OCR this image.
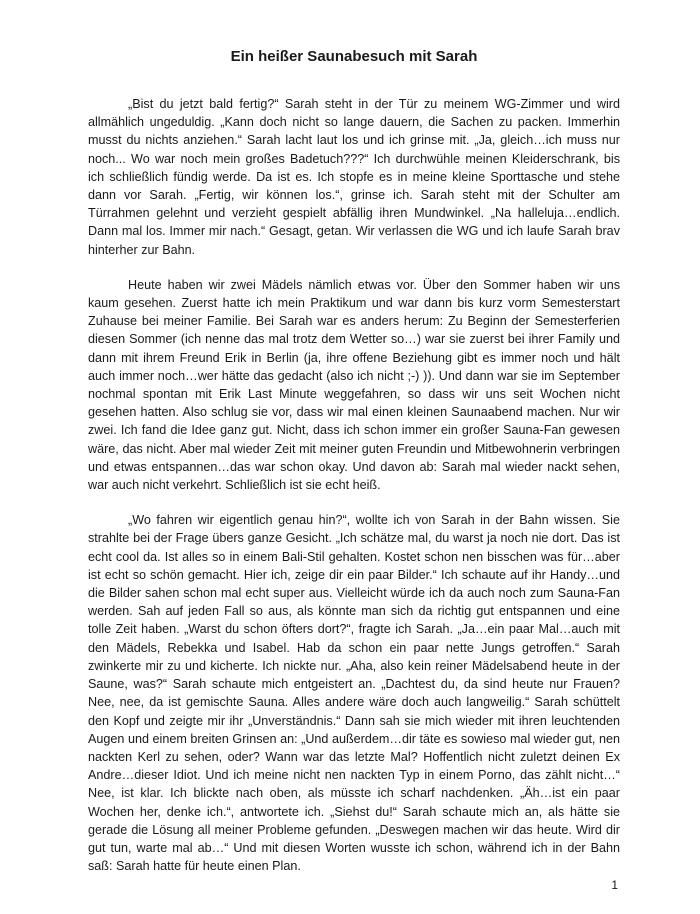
Ein heißer Saunabesuch mit Sarah

„Bist du jetzt bald fertig?“ Sarah steht in der Tür zu meinem WG-Zimmer und wird allmählich ungeduldig. „Kann doch nicht so lange dauern, die Sachen zu packen. Immerhin musst du nichts anziehen.“ Sarah lacht laut los und ich grinse mit. „Ja, gleich…ich muss nur noch... Wo war noch mein großes Badetuch???“ Ich durchwühle meinen Kleiderschrank, bis ich schließlich fündig werde. Da ist es. Ich stopfe es in meine kleine Sporttasche und stehe dann vor Sarah. „Fertig, wir können los.“, grinse ich. Sarah steht mit der Schulter am Türrahmen gelehnt und verzieht gespielt abfällig ihren Mundwinkel. „Na halleluja…endlich. Dann mal los. Immer mir nach.“ Gesagt, getan. Wir verlassen die WG und ich laufe Sarah brav hinterher zur Bahn.

Heute haben wir zwei Mädels nämlich etwas vor. Über den Sommer haben wir uns kaum gesehen. Zuerst hatte ich mein Praktikum und war dann bis kurz vorm Semesterstart Zuhause bei meiner Familie. Bei Sarah war es anders herum: Zu Beginn der Semesterferien diesen Sommer (ich nenne das mal trotz dem Wetter so…) war sie zuerst bei ihrer Family und dann mit ihrem Freund Erik in Berlin (ja, ihre offene Beziehung gibt es immer noch und hält auch immer noch…wer hätte das gedacht (also ich nicht ;-) )). Und dann war sie im September nochmal spontan mit Erik Last Minute weggefahren, so dass wir uns seit Wochen nicht gesehen hatten. Also schlug sie vor, dass wir mal einen kleinen Saunaabend machen. Nur wir zwei. Ich fand die Idee ganz gut. Nicht, dass ich schon immer ein großer Sauna-Fan gewesen wäre, das nicht. Aber mal wieder Zeit mit meiner guten Freundin und Mitbewohnerin verbringen und etwas entspannen…das war schon okay. Und davon ab: Sarah mal wieder nackt sehen, war auch nicht verkehrt. Schließlich ist sie echt heiß.

„Wo fahren wir eigentlich genau hin?“, wollte ich von Sarah in der Bahn wissen. Sie strahlte bei der Frage übers ganze Gesicht. „Ich schätze mal, du warst ja noch nie dort. Das ist echt cool da. Ist alles so in einem Bali-Stil gehalten. Kostet schon nen bisschen was für…aber ist echt so schön gemacht. Hier ich, zeige dir ein paar Bilder.“ Ich schaute auf ihr Handy…und die Bilder sahen schon mal echt super aus. Vielleicht würde ich da auch noch zum Sauna-Fan werden. Sah auf jeden Fall so aus, als könnte man sich da richtig gut entspannen und eine tolle Zeit haben. „Warst du schon öfters dort?“, fragte ich Sarah. „Ja…ein paar Mal…auch mit den Mädels, Rebekka und Isabel. Hab da schon ein paar nette Jungs getroffen.“ Sarah zwinkerte mir zu und kicherte. Ich nickte nur. „Aha, also kein reiner Mädelsabend heute in der Saune, was?“ Sarah schaute mich entgeistert an. „Dachtest du, da sind heute nur Frauen? Nee, nee, da ist gemischte Sauna. Alles andere wäre doch auch langweilig.“ Sarah schüttelt den Kopf und zeigte mir ihr „Unverständnis.“ Dann sah sie mich wieder mit ihren leuchtenden Augen und einem breiten Grinsen an: „Und außerdem…dir täte es sowieso mal wieder gut, nen nackten Kerl zu sehen, oder? Wann war das letzte Mal? Hoffentlich nicht zuletzt deinen Ex Andre…dieser Idiot. Und ich meine nicht nen nackten Typ in einem Porno, das zählt nicht…“ Nee, ist klar. Ich blickte nach oben, als müsste ich scharf nachdenken. „Äh…ist ein paar Wochen her, denke ich.“, antwortete ich. „Siehst du!“ Sarah schaute mich an, als hätte sie gerade die Lösung all meiner Probleme gefunden. „Deswegen machen wir das heute. Wird dir gut tun, warte mal ab…“ Und mit diesen Worten wusste ich schon, während ich in der Bahn saß: Sarah hatte für heute einen Plan.

1
